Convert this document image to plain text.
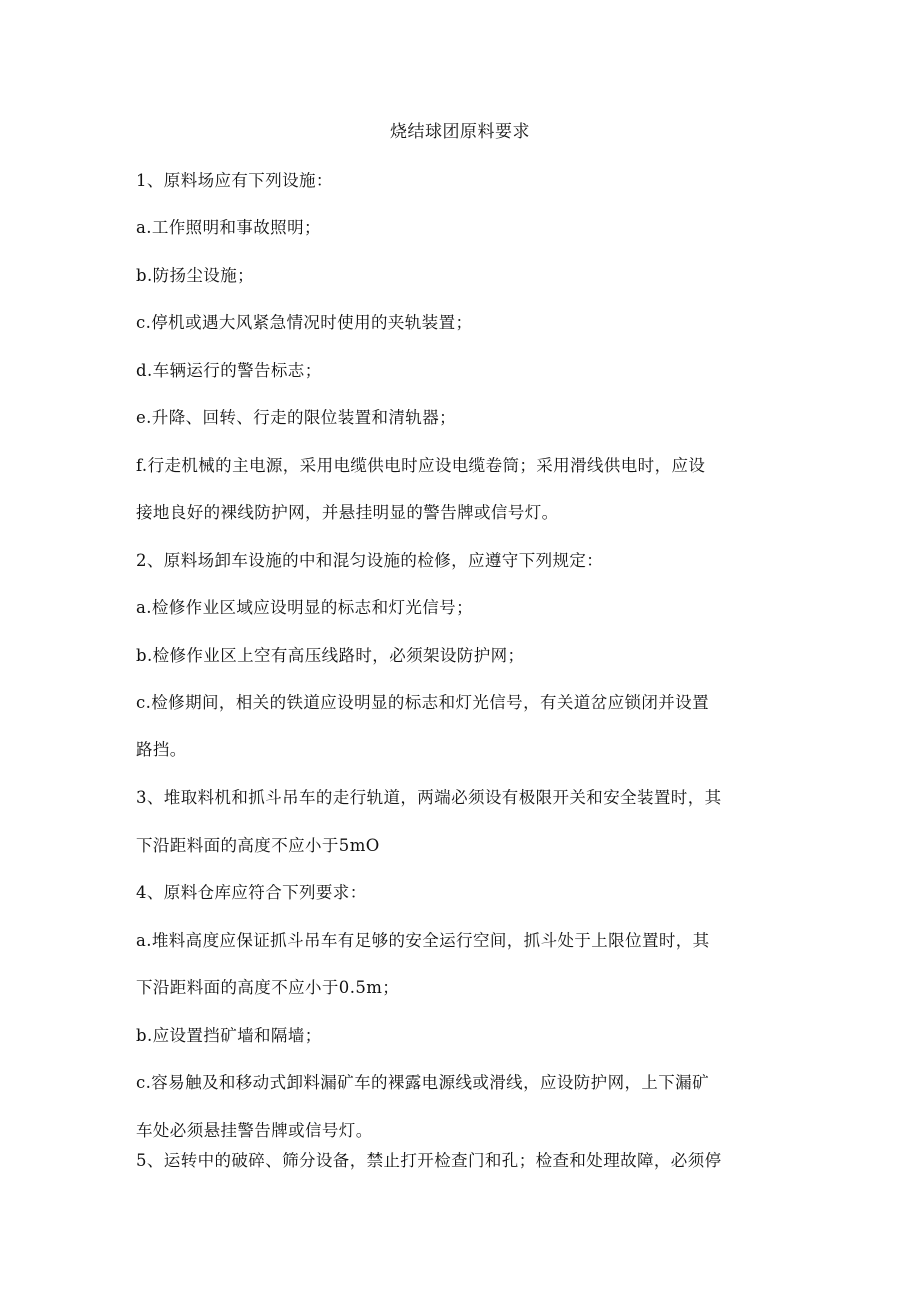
烧结球团原料要求
1、原料场应有下列设施：
a.工作照明和事故照明；
b.防扬尘设施；
c.停机或遇大风紧急情况时使用的夹轨装置；
d.车辆运行的警告标志；
e.升降、回转、行走的限位装置和清轨器；
f.行走机械的主电源，采用电缆供电时应设电缆卷筒；采用滑线供电时，应设
接地良好的裸线防护网，并悬挂明显的警告牌或信号灯。
2、原料场卸车设施的中和混匀设施的检修，应遵守下列规定：
a.检修作业区域应设明显的标志和灯光信号；
b.检修作业区上空有高压线路时，必须架设防护网；
c.检修期间，相关的铁道应设明显的标志和灯光信号，有关道岔应锁闭并设置
路挡。
3、堆取料机和抓斗吊车的走行轨道，两端必须设有极限开关和安全装置时，其
下沿距料面的高度不应小于5mO
4、原料仓库应符合下列要求：
a.堆料高度应保证抓斗吊车有足够的安全运行空间，抓斗处于上限位置时，其
下沿距料面的高度不应小于0.5m；
b.应设置挡矿墙和隔墙；
c.容易触及和移动式卸料漏矿车的裸露电源线或滑线，应设防护网，上下漏矿
车处必须悬挂警告牌或信号灯。
5、运转中的破碎、筛分设备，禁止打开检查门和孔；检查和处理故障，必须停
